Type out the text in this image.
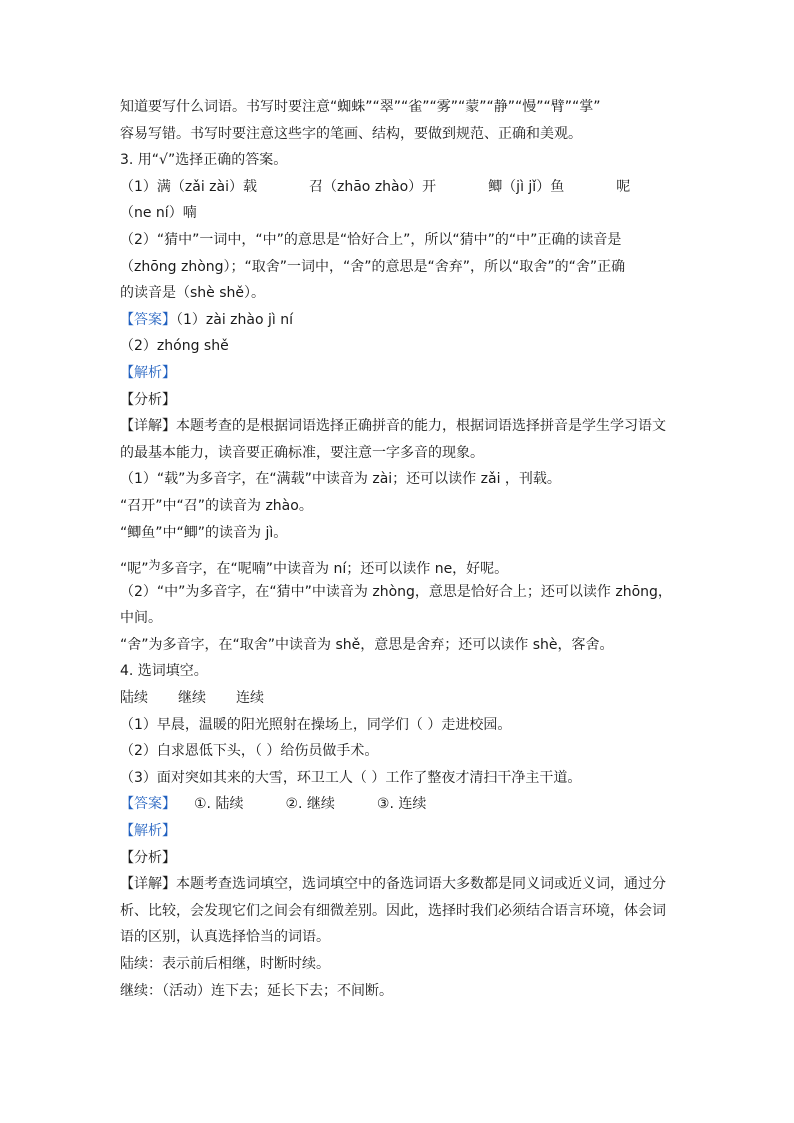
知道要写什么词语。书写时要注意“蜘蛛”“翠”“雀”“雾”“蒙”“静”“慢”“臂”“掌”
容易写错。书写时要注意这些字的笔画、结构，要做到规范、正确和美观。
3. 用“√”选择正确的答案。
（1）满（zǎi zài）载	召（zhāo zhào）开	鲫（jì jǐ）鱼	呢
（ne ní）喃
（2）“猜中”一词中，“中”的意思是“恰好合上”，所以“猜中”的“中”正确的读音是
（zhōng zhòng）；“取舍”一词中，“舍”的意思是“舍弃”，所以“取舍”的“舍”正确
的读音是（shè shě）。
【答案】（1）zài zhào jì ní
（2）zhóng shě
【解析】
【分析】
【详解】本题考查的是根据词语选择正确拼音的能力，根据词语选择拼音是学生学习语文
的最基本能力，读音要正确标准，要注意一字多音的现象。
（1）“载”为多音字，在“满载”中读音为 zài；还可以读作 zǎi ，刊载。
“召开”中“召”的读音为 zhào。
“鲫鱼”中“鲫”的读音为 jì。
“呢”为多音字，在“呢喃”中读音为 ní；还可以读作 ne，好呢。
（2）“中”为多音字，在“猜中”中读音为 zhòng，意思是恰好合上；还可以读作 zhōng，
中间。
“舍”为多音字，在“取舍”中读音为 shě，意思是舍弃；还可以读作 shè，客舍。
4. 选词填空。
陆续 继续 连续
（1）早晨，温暖的阳光照射在操场上，同学们（ ）走进校园。
（2）白求恩低下头，（ ）给伤员做手术。
（3）面对突如其来的大雪，环卫工人（ ）工作了整夜才清扫干净主干道。
【答案】 ①. 陆续	②. 继续	③. 连续
【解析】
【分析】
【详解】本题考查选词填空，选词填空中的备选词语大多数都是同义词或近义词，通过分
析、比较，会发现它们之间会有细微差别。因此，选择时我们必须结合语言环境，体会词
语的区别，认真选择恰当的词语。
陆续：表示前后相继，时断时续。
继续：（活动）连下去；延长下去；不间断。
